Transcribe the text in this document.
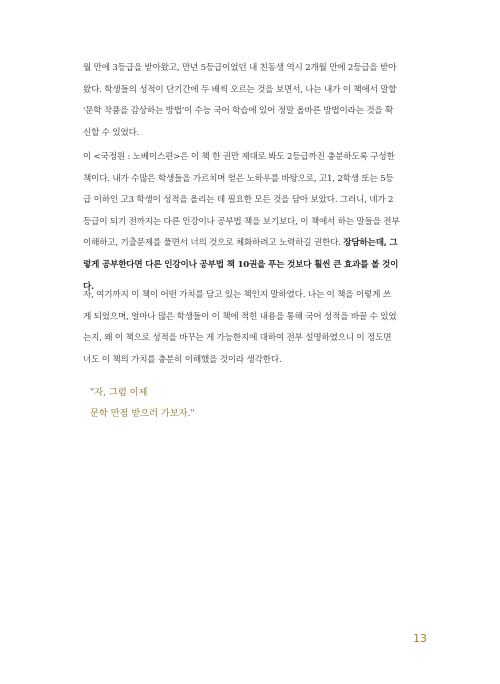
월 만에 3등급을 받아왔고, 만년 5등급이었던 내 친동생 역시 2개월 만에 2등급을 받아
왔다. 학생들의 성적이 단기간에 두 배씩 오르는 것을 보면서, 나는 내가 이 책에서 말할
'문학 작품을 감상하는 방법'이 수능 국어 학습에 있어 정말 올바른 방법이라는 것을 확
신할 수 있었다.
이 <국정원 : 노베이스편>은 이 책 한 권만 제대로 봐도 2등급까진 충분하도록 구성한
책이다. 내가 수많은 학생들을 가르치며 얻은 노하우를 바탕으로, 고1, 2학생 또는 5등
급 이하인 고3 학생이 성적을 올리는 데 필요한 모든 것을 담아 보았다. 그러니, 네가 2
등급이 되기 전까지는 다른 인강이나 공부법 책을 보기보다, 이 책에서 하는 말들을 전부
이해하고, 기출문제를 풀면서 너의 것으로 체화하려고 노력하길 권한다. 장담하는데, 그
렇게 공부한다면 다른 인강이나 공부법 책 10권을 푸는 것보다 훨씬 큰 효과를 볼 것이
다.
자, 여기까지 이 책이 어떤 가치를 담고 있는 책인지 말하였다. 나는 이 책을 이렇게 쓰
게 되었으며, 얼마나 많은 학생들이 이 책에 적힌 내용을 통해 국어 성적을 바꿀 수 있었
는지, 왜 이 책으로 성적을 바꾸는 게 가능한지에 대하여 전부 설명하였으니 이 정도면
너도 이 책의 가치를 충분히 이해했을 것이라 생각한다.
"자, 그럼 이제
문학 만점 받으러 가보자."
13
